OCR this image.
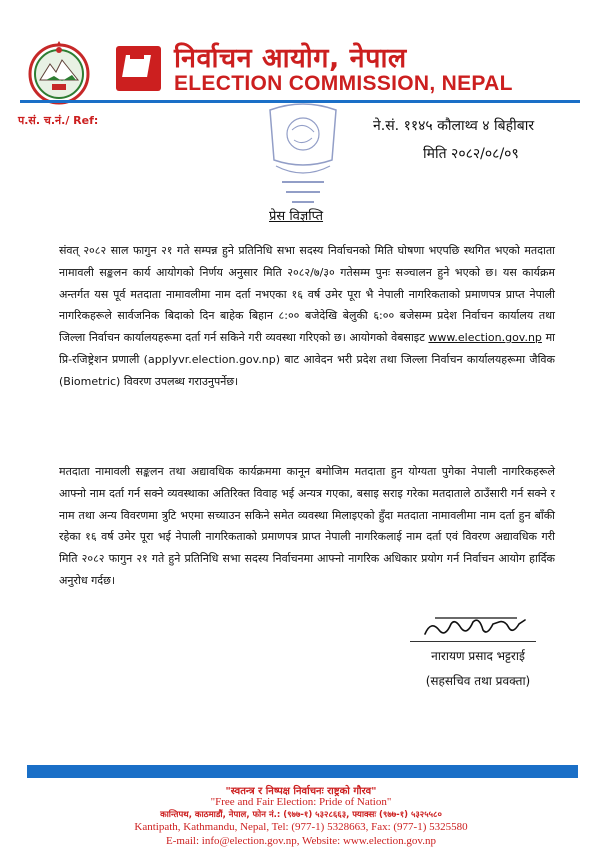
निर्वाचन आयोग, नेपाल
ELECTION COMMISSION, NEPAL
प.सं. च.नं./ Ref:	ने.सं. ११४५ कौलाथ्व ४ बिहीबार
मिति २०८२/०८/०९
प्रेस विज्ञप्ति
संवत् २०८२ साल फागुन २१ गते सम्पन्न हुने प्रतिनिधि सभा सदस्य निर्वाचनको मिति घोषणा भएपछि स्थगित भएको मतदाता नामावली सङ्कलन कार्य आयोगको निर्णय अनुसार मिति २०८२/७/३० गतेसम्म पुनः सञ्चालन हुने भएको छ। यस कार्यक्रम अन्तर्गत यस पूर्व मतदाता नामावलीमा नाम दर्ता नभएका १६ वर्ष उमेर पूरा भै नेपाली नागरिकताको प्रमाणपत्र प्राप्त नेपाली नागरिकहरूले सार्वजनिक बिदाको दिन बाहेक बिहान ८:०० बजेदेखि बेलुकी ६:०० बजेसम्म प्रदेश निर्वाचन कार्यालय तथा जिल्ला निर्वाचन कार्यालयहरूमा दर्ता गर्न सकिने गरी व्यवस्था गरिएको छ। आयोगको वेबसाइट www.election.gov.np मा प्रि-रजिष्ट्रेशन प्रणाली (applyvr.election.gov.np) बाट आवेदन भरी प्रदेश तथा जिल्ला निर्वाचन कार्यालयहरूमा जैविक (Biometric) विवरण उपलब्ध गराउनुपर्नेछ।
मतदाता नामावली सङ्कलन तथा अद्यावधिक कार्यक्रममा कानून बमोजिम मतदाता हुन योग्यता पुगेका नेपाली नागरिकहरूले आफ्नो नाम दर्ता गर्न सक्ने व्यवस्थाका अतिरिक्त विवाह भई अन्यत्र गएका, बसाइ सराइ गरेका मतदाताले ठाउँसारी गर्न सक्ने र नाम तथा अन्य विवरणमा त्रुटि भएमा सच्याउन सकिने समेत व्यवस्था मिलाइएको हुँदा मतदाता नामावलीमा नाम दर्ता हुन बाँकी रहेका १६ वर्ष उमेर पूरा भई नेपाली नागरिकताको प्रमाणपत्र प्राप्त नेपाली नागरिकलाई नाम दर्ता एवं विवरण अद्यावधिक गरी मिति २०८२ फागुन २१ गते हुने प्रतिनिधि सभा सदस्य निर्वाचनमा आफ्नो नागरिक अधिकार प्रयोग गर्न निर्वाचन आयोग हार्दिक अनुरोध गर्दछ।
नारायण प्रसाद भट्टराई
(सहसचिव तथा प्रवक्ता)
"स्वतन्त्र र निष्पक्ष निर्वाचनः राष्ट्रको गौरव"
"Free and Fair Election: Pride of Nation"
कान्तिपथ, काठमाडौं, नेपाल, फोन नं.: (९७७-१) ५३२८६६३, फ्याक्सः (९७७-१) ५३२५५८०
Kantipath, Kathmandu, Nepal, Tel: (977-1) 5328663, Fax: (977-1) 5325580
E-mail: info@election.gov.np, Website: www.election.gov.np
